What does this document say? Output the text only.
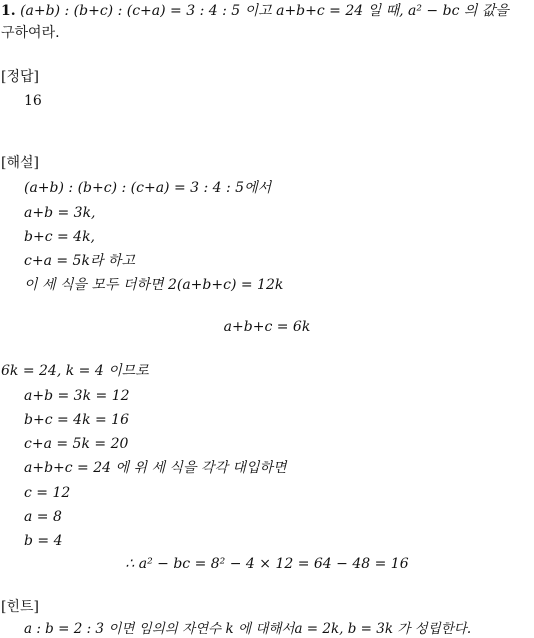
1. (a+b) : (b+c) : (c+a) = 3 : 4 : 5 이고 a+b+c = 24 일 때, a² − bc 의 값을
구하여라.
[정답]
16
[해설]
(a+b) : (b+c) : (c+a) = 3 : 4 : 5에서
a+b = 3k,
b+c = 4k,
c+a = 5k라 하고
이 세 식을 모두 더하면 2(a+b+c) = 12k
a+b+c = 6k
6k = 24, k = 4 이므로
a+b = 3k = 12
b+c = 4k = 16
c+a = 5k = 20
a+b+c = 24 에 위 세 식을 각각 대입하면
c = 12
a = 8
b = 4
∴ a² − bc = 8² − 4 × 12 = 64 − 48 = 16
[힌트]
a : b = 2 : 3 이면 임의의 자연수 k 에 대해서a = 2k, b = 3k 가 성립한다.
